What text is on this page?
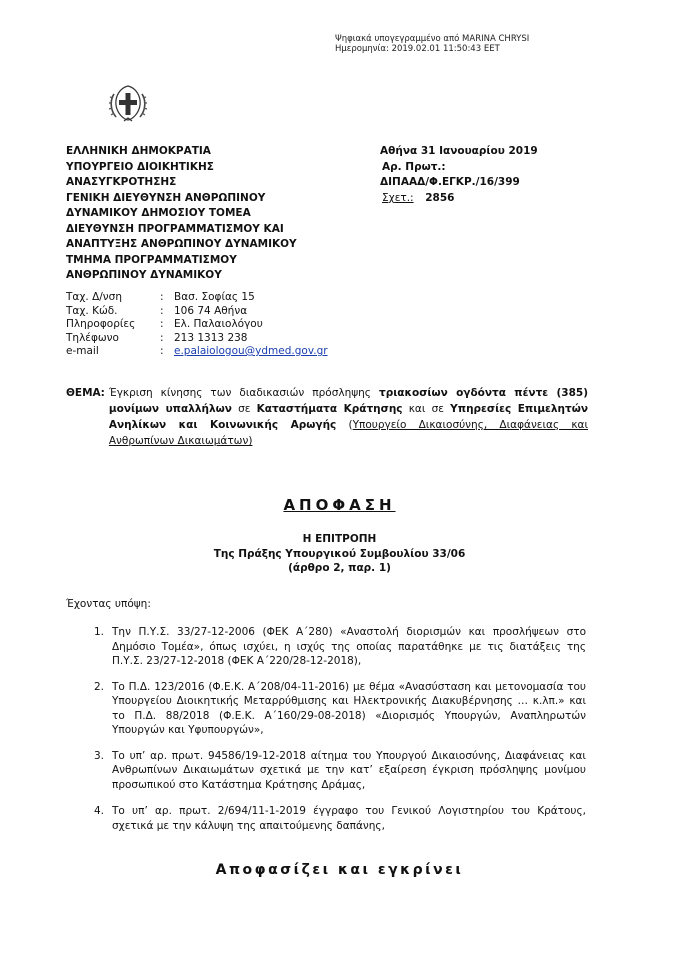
Ψηφιακά υπογεγραμμένο από MARINA CHRYSI
Ημερομηνία: 2019.02.01 11:50:43 EET
ΕΛΛΗΝΙΚΗ ΔΗΜΟΚΡΑΤΙΑ
ΥΠΟΥΡΓΕΙΟ ΔΙΟΙΚΗΤΙΚΗΣ
ΑΝΑΣΥΓΚΡΟΤΗΣΗΣ
ΓΕΝΙΚΗ ΔΙΕΥΘΥΝΣΗ ΑΝΘΡΩΠΙΝΟΥ
ΔΥΝΑΜΙΚΟΥ ΔΗΜΟΣΙΟΥ ΤΟΜΕΑ
ΔΙΕΥΘΥΝΣΗ ΠΡΟΓΡΑΜΜΑΤΙΣΜΟΥ ΚΑΙ
ΑΝΑΠΤΥΞΗΣ ΑΝΘΡΩΠΙΝΟΥ ΔΥΝΑΜΙΚΟΥ
ΤΜΗΜΑ ΠΡΟΓΡΑΜΜΑΤΙΣΜΟΥ
ΑΝΘΡΩΠΙΝΟΥ ΔΥΝΑΜΙΚΟΥ
Αθήνα 31 Ιανουαρίου 2019
Αρ. Πρωτ.:
ΔΙΠΑΑΔ/Φ.ΕΓΚΡ./16/399
Σχετ.: 2856
Ταχ. Δ/νση	: Βασ. Σοφίας 15
Ταχ. Κώδ.	: 106 74 Αθήνα
Πληροφορίες	: Ελ. Παλαιολόγου
Τηλέφωνο	: 213 1313 238
e-mail	: e.palaiologou@ydmed.gov.gr
ΘΕΜΑ: Έγκριση κίνησης των διαδικασιών πρόσληψης τριακοσίων ογδόντα πέντε (385) μονίμων υπαλλήλων σε Καταστήματα Κράτησης και σε Υπηρεσίες Επιμελητών Ανηλίκων και Κοινωνικής Αρωγής (Υπουργείο Δικαιοσύνης, Διαφάνειας και Ανθρωπίνων Δικαιωμάτων)
ΑΠΟΦΑΣΗ
Η ΕΠΙΤΡΟΠΗ
Της Πράξης Υπουργικού Συμβουλίου 33/06
(άρθρο 2, παρ. 1)
Έχοντας υπόψη:
1. Την Π.Υ.Σ. 33/27-12-2006 (ΦΕΚ Α΄280) «Αναστολή διορισμών και προσλήψεων στο Δημόσιο Τομέα», όπως ισχύει, η ισχύς της οποίας παρατάθηκε με τις διατάξεις της Π.Υ.Σ. 23/27-12-2018 (ΦΕΚ Α΄220/28-12-2018),
2. Το Π.Δ. 123/2016 (Φ.Ε.Κ. Α΄208/04-11-2016) με θέμα «Ανασύσταση και μετονομασία του Υπουργείου Διοικητικής Μεταρρύθμισης και Ηλεκτρονικής Διακυβέρνησης … κ.λπ.» και το Π.Δ. 88/2018 (Φ.Ε.Κ. Α΄160/29-08-2018) «Διορισμός Υπουργών, Αναπληρωτών Υπουργών και Υφυπουργών»,
3. Το υπ’ αρ. πρωτ. 94586/19-12-2018 αίτημα του Υπουργού Δικαιοσύνης, Διαφάνειας και Ανθρωπίνων Δικαιωμάτων σχετικά με την κατ’ εξαίρεση έγκριση πρόσληψης μονίμου προσωπικού στο Κατάστημα Κράτησης Δράμας,
4. Το υπ’ αρ. πρωτ. 2/694/11-1-2019 έγγραφο του Γενικού Λογιστηρίου του Κράτους, σχετικά με την κάλυψη της απαιτούμενης δαπάνης,
Αποφασίζει και εγκρίνει
